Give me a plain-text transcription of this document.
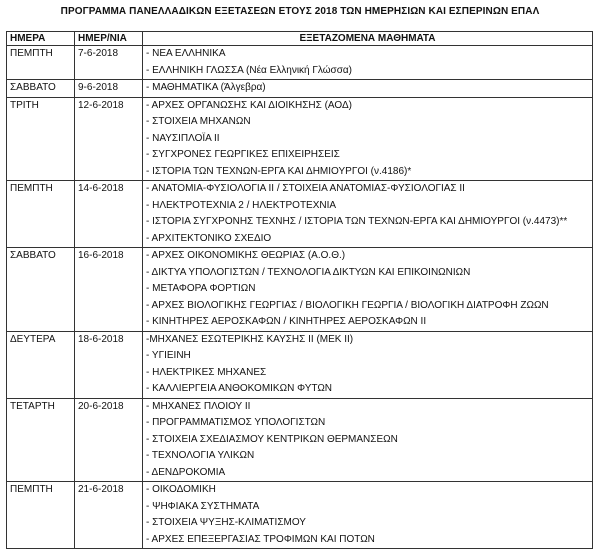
ΠΡΟΓΡΑΜΜΑ ΠΑΝΕΛΛΑΔΙΚΩΝ ΕΞΕΤΑΣΕΩΝ ΕΤΟΥΣ 2018 ΤΩΝ ΗΜΕΡΗΣΙΩΝ ΚΑΙ ΕΣΠΕΡΙΝΩΝ ΕΠΑΛ
ΗΜΕΡΑ	ΗΜΕΡ/ΝΙΑ	ΕΞΕΤΑΖΟΜΕΝΑ ΜΑΘΗΜΑΤΑ
ΠΕΜΠΤΗ	7-6-2018	- ΝΕΑ ΕΛΛΗΝΙΚΑ
- ΕΛΛΗΝΙΚΗ ΓΛΩΣΣΑ (Νέα Ελληνική Γλώσσα)

ΣΑΒΒΑΤΟ	9-6-2018	- ΜΑΘΗΜΑΤΙΚΑ (Άλγεβρα)

ΤΡΙΤΗ	12-6-2018	- ΑΡΧΕΣ ΟΡΓΑΝΩΣΗΣ ΚΑΙ ΔΙΟΙΚΗΣΗΣ (ΑΟΔ)
- ΣΤΟΙΧΕΙΑ ΜΗΧΑΝΩΝ
- ΝΑΥΣΙΠΛΟΪΑ ΙΙ
- ΣΥΓΧΡΟΝΕΣ ΓΕΩΡΓΙΚΕΣ ΕΠΙΧΕΙΡΗΣΕΙΣ
- ΙΣΤΟΡΙΑ ΤΩΝ ΤΕΧΝΩΝ-ΕΡΓΑ ΚΑΙ ΔΗΜΙΟΥΡΓΟΙ (ν.4186)*

ΠΕΜΠΤΗ	14-6-2018	- ΑΝΑΤΟΜΙΑ-ΦΥΣΙΟΛΟΓΙΑ ΙΙ / ΣΤΟΙΧΕΙΑ ΑΝΑΤΟΜΙΑΣ-ΦΥΣΙΟΛΟΓΙΑΣ ΙΙ
- ΗΛΕΚΤΡΟΤΕΧΝΙΑ 2 / ΗΛΕΚΤΡΟΤΕΧΝΙΑ
- ΙΣΤΟΡΙΑ ΣΥΓΧΡΟΝΗΣ ΤΕΧΝΗΣ / ΙΣΤΟΡΙΑ ΤΩΝ ΤΕΧΝΩΝ-ΕΡΓΑ ΚΑΙ ΔΗΜΙΟΥΡΓΟΙ (ν.4473)**
- ΑΡΧΙΤΕΚΤΟΝΙΚΟ ΣΧΕΔΙΟ

ΣΑΒΒΑΤΟ	16-6-2018	- ΑΡΧΕΣ ΟΙΚΟΝΟΜΙΚΗΣ ΘΕΩΡΙΑΣ (Α.Ο.Θ.)
- ΔΙΚΤΥΑ ΥΠΟΛΟΓΙΣΤΩΝ / ΤΕΧΝΟΛΟΓΙΑ ΔΙΚΤΥΩΝ ΚΑΙ ΕΠΙΚΟΙΝΩΝΙΩΝ
- ΜΕΤΑΦΟΡΑ ΦΟΡΤΙΩΝ
- ΑΡΧΕΣ ΒΙΟΛΟΓΙΚΗΣ ΓΕΩΡΓΙΑΣ / ΒΙΟΛΟΓΙΚΗ ΓΕΩΡΓΙΑ / ΒΙΟΛΟΓΙΚΗ ΔΙΑΤΡΟΦΗ ΖΩΩΝ
- ΚΙΝΗΤΗΡΕΣ ΑΕΡΟΣΚΑΦΩΝ / ΚΙΝΗΤΗΡΕΣ ΑΕΡΟΣΚΑΦΩΝ ΙΙ

ΔΕΥΤΕΡΑ	18-6-2018	-ΜΗΧΑΝΕΣ ΕΣΩΤΕΡΙΚΗΣ ΚΑΥΣΗΣ ΙΙ (ΜΕΚ ΙΙ)
- ΥΓΙΕΙΝΗ
- ΗΛΕΚΤΡΙΚΕΣ ΜΗΧΑΝΕΣ
- ΚΑΛΛΙΕΡΓΕΙΑ ΑΝΘΟΚΟΜΙΚΩΝ ΦΥΤΩΝ

ΤΕΤΑΡΤΗ	20-6-2018	- ΜΗΧΑΝΕΣ ΠΛΟΙΟΥ ΙΙ
- ΠΡΟΓΡΑΜΜΑΤΙΣΜΟΣ ΥΠΟΛΟΓΙΣΤΩΝ
- ΣΤΟΙΧΕΙΑ ΣΧΕΔΙΑΣΜΟΥ ΚΕΝΤΡΙΚΩΝ ΘΕΡΜΑΝΣΕΩΝ
- ΤΕΧΝΟΛΟΓΙΑ ΥΛΙΚΩΝ
- ΔΕΝΔΡΟΚΟΜΙΑ

ΠΕΜΠΤΗ	21-6-2018	- ΟΙΚΟΔΟΜΙΚΗ
- ΨΗΦΙΑΚΑ ΣΥΣΤΗΜΑΤΑ
- ΣΤΟΙΧΕΙΑ ΨΥΞΗΣ-ΚΛΙΜΑΤΙΣΜΟΥ
- ΑΡΧΕΣ ΕΠΕΞΕΡΓΑΣΙΑΣ ΤΡΟΦΙΜΩΝ ΚΑΙ ΠΟΤΩΝ
